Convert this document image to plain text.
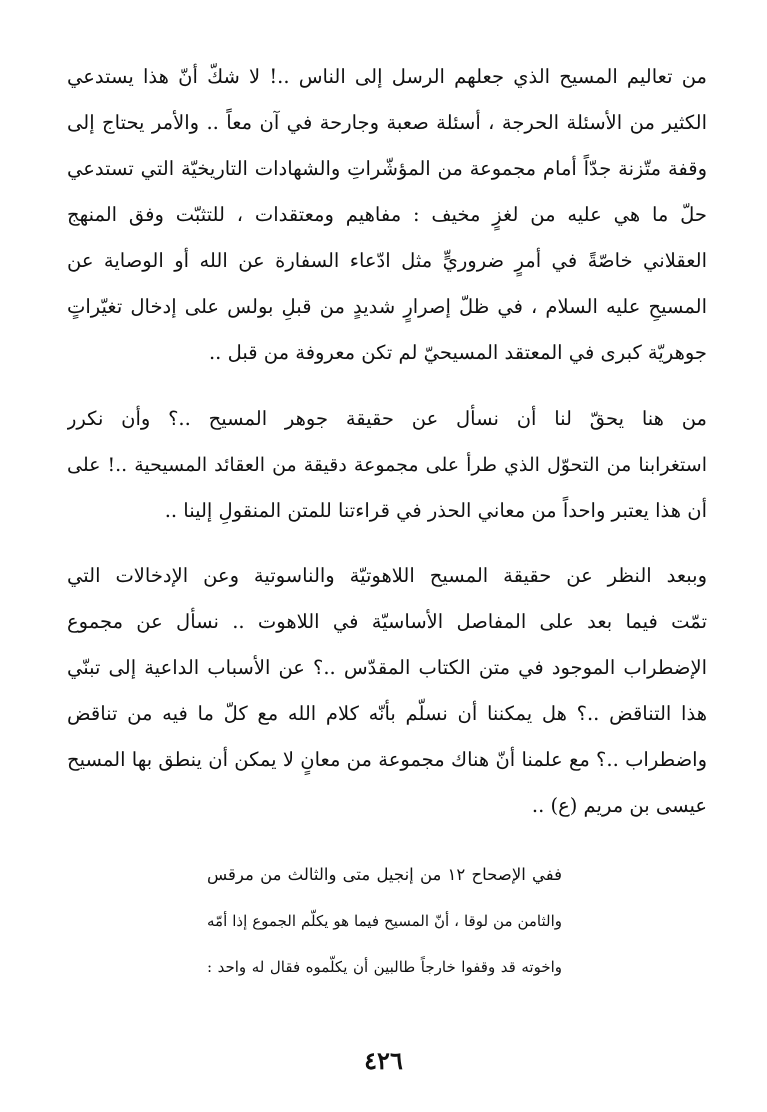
من تعاليم المسيح الذي جعلهم الرسل إلى الناس ..! لا شكّ أنّ هذا يستدعي
الكثير من الأسئلة الحرجة ، أسئلة صعبة وجارحة في آن معاً .. والأمر يحتاج إلى
وقفة متّزنة جدّاً أمام مجموعة من المؤشّراتِ والشهادات التاريخيّة التي تستدعي
حلّ ما هي عليه من لغزٍ مخيف : مفاهيم ومعتقدات ، للتثبّت وفق المنهج
العقلاني خاصّةً في أمرٍ ضروريٍّ مثل ادّعاء السفارة عن الله أو الوصاية عن
المسيحِ عليه السلام ، في ظلّ إصرارٍ شديدٍ من قبلِ بولس على إدخال تغيّراتٍ
جوهريّة كبرى في المعتقد المسيحيّ لم تكن معروفة من قبل ..
من هنا يحقّ لنا أن نسأل عن حقيقة جوهر المسيح ..؟ وأن نكرر
استغرابنا من التحوّل الذي طرأ على مجموعة دقيقة من العقائد المسيحية ..! على
أن هذا يعتبر واحداً من معاني الحذر في قراءتنا للمتن المنقولِ إلينا ..
وببعد النظر عن حقيقة المسيح اللاهوتيّة والناسوتية وعن الإدخالات التي
تمّت فيما بعد على المفاصل الأساسيّة في اللاهوت .. نسأل عن مجموع
الإضطراب الموجود في متن الكتاب المقدّس ..؟ عن الأسباب الداعية إلى تبنّي
هذا التناقض ..؟ هل يمكننا أن نسلّم بأنّه كلام الله مع كلّ ما فيه من تناقض
واضطراب ..؟ مع علمنا أنّ هناك مجموعة من معانٍ لا يمكن أن ينطق بها المسيح
عيسى بن مريم (ع) ..
ففي الإصحاح ١٢ من إنجيل متى والثالث من مرقس
والثامن من لوقا ، أنّ المسيح فيما هو يكلّم الجموع إذا أمّه
واخوته قد وقفوا خارجاً طالبين أن يكلّموه فقال له واحد :
٤٢٦
